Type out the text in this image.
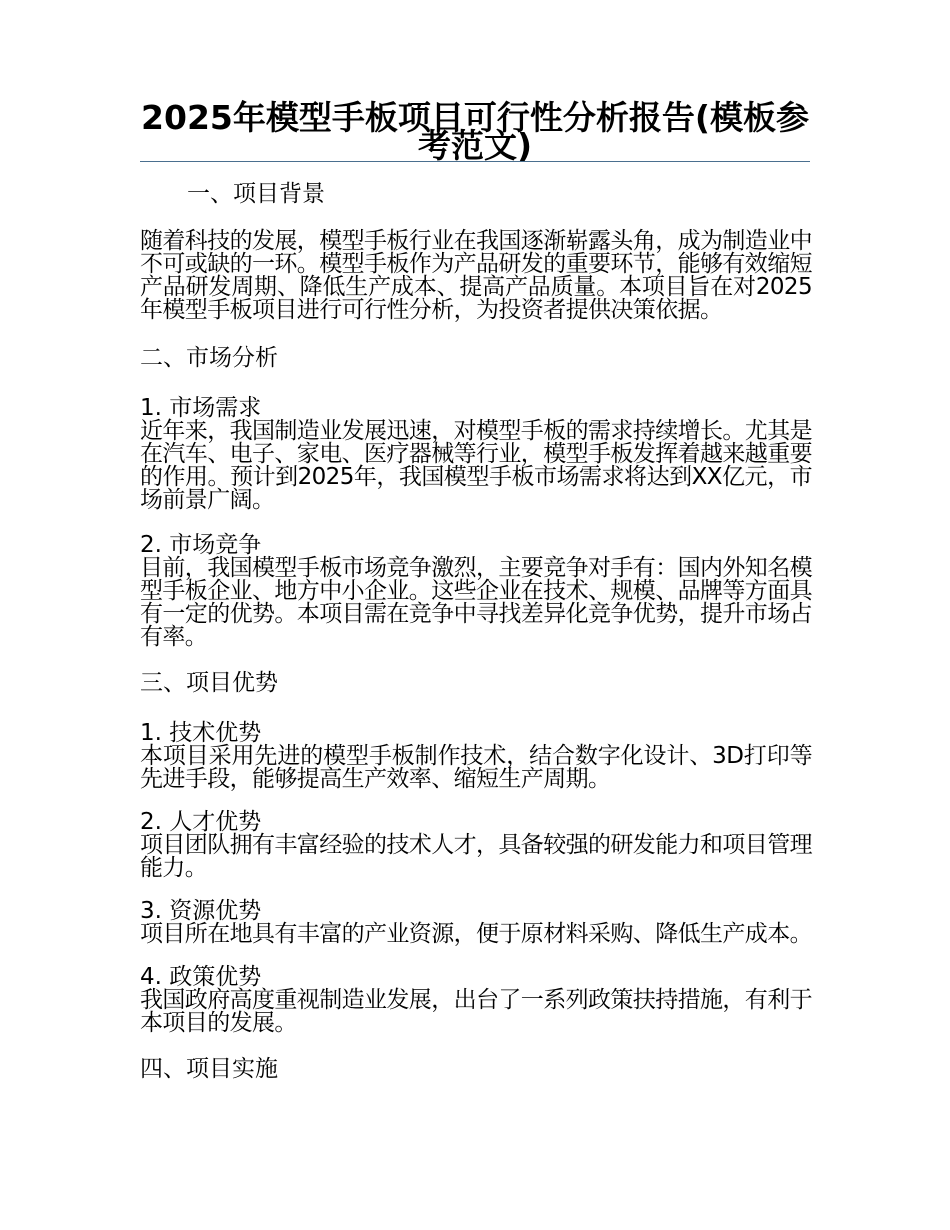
2025年模型手板项目可行性分析报告(模板参考范文)
一、项目背景

随着科技的发展，模型手板行业在我国逐渐崭露头角，成为制造业中不可或缺的一环。模型手板作为产品研发的重要环节，能够有效缩短产品研发周期、降低生产成本、提高产品质量。本项目旨在对2025年模型手板项目进行可行性分析，为投资者提供决策依据。

二、市场分析
1. 市场需求

近年来，我国制造业发展迅速，对模型手板的需求持续增长。尤其是在汽车、电子、家电、医疗器械等行业，模型手板发挥着越来越重要的作用。预计到2025年，我国模型手板市场需求将达到XX亿元，市场前景广阔。

2. 市场竞争

目前，我国模型手板市场竞争激烈，主要竞争对手有：国内外知名模型手板企业、地方中小企业。这些企业在技术、规模、品牌等方面具有一定的优势。本项目需在竞争中寻找差异化竞争优势，提升市场占有率。

三、项目优势
1. 技术优势

本项目采用先进的模型手板制作技术，结合数字化设计、3D打印等先进手段，能够提高生产效率、缩短生产周期。

2. 人才优势

项目团队拥有丰富经验的技术人才，具备较强的研发能力和项目管理能力。

3. 资源优势

项目所在地具有丰富的产业资源，便于原材料采购、降低生产成本。

4. 政策优势

我国政府高度重视制造业发展，出台了一系列政策扶持措施，有利于本项目的发展。

四、项目实施
